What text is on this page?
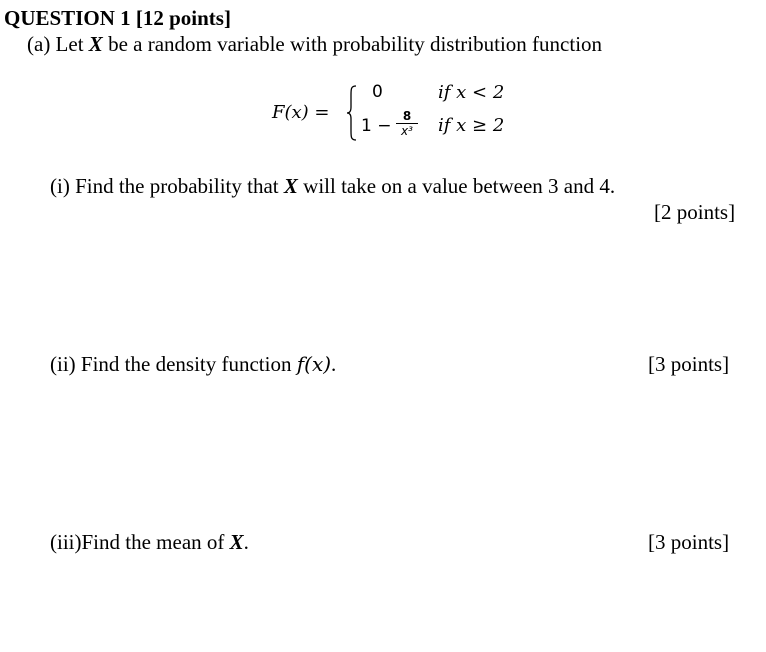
QUESTION 1 [12 points]
(a) Let X be a random variable with probability distribution function
F(x) =
0	if x < 2
1 − 8
x³ if x ≥ 2
(i) Find the probability that X will take on a value between 3 and 4.
[2 points]
(ii) Find the density function f(x).	[3 points]
(iii)Find the mean of X.	[3 points]
